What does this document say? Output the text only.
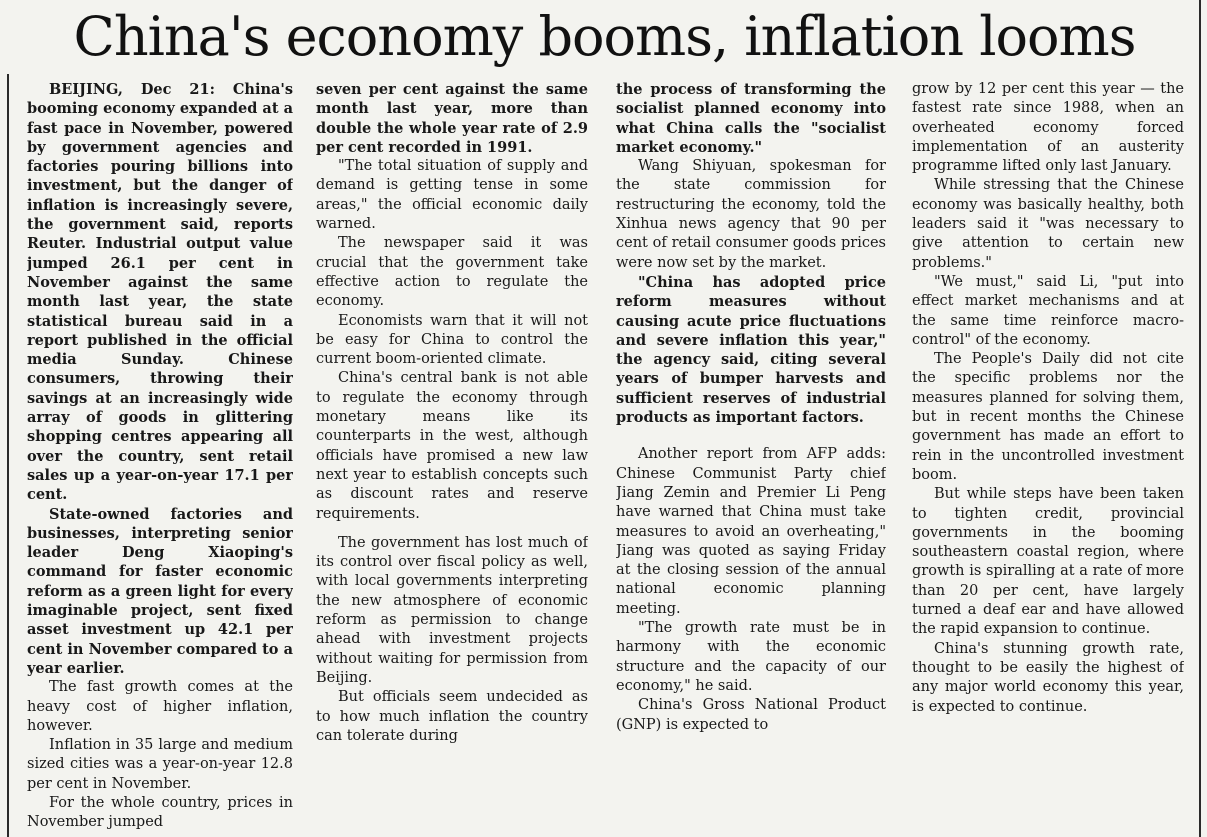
China's economy booms, inflation looms

BEIJING, Dec 21: China's booming economy expanded at a fast pace in November, powered by government agencies and factories pouring billions into investment, but the danger of inflation is increasingly severe, the government said, reports Reuter. Industrial output value jumped 26.1 per cent in November against the same month last year, the state statistical bureau said in a report published in the official media Sunday. Chinese consumers, throwing their savings at an increasingly wide array of goods in glittering shopping centres appearing all over the country, sent retail sales up a year-on-year 17.1 per cent.

State-owned factories and businesses, interpreting senior leader Deng Xiaoping's command for faster economic reform as a green light for every imaginable project, sent fixed asset investment up 42.1 per cent in November compared to a year earlier.

The fast growth comes at the heavy cost of higher inflation, however.

Inflation in 35 large and medium sized cities was a year-on-year 12.8 per cent in November.

For the whole country, prices in November jumped

seven per cent against the same month last year, more than double the whole year rate of 2.9 per cent recorded in 1991.

"The total situation of supply and demand is getting tense in some areas," the official economic daily warned.

The newspaper said it was crucial that the government take effective action to regulate the economy.

Economists warn that it will not be easy for China to control the current boom-oriented climate.

China's central bank is not able to regulate the economy through monetary means like its counterparts in the west, although officials have promised a new law next year to establish concepts such as discount rates and reserve requirements.

The government has lost much of its control over fiscal policy as well, with local governments interpreting the new atmosphere of economic reform as permission to change ahead with investment projects without waiting for permission from Beijing.

But officials seem undecided as to how much inflation the country can tolerate during

the process of transforming the socialist planned economy into what China calls the "socialist market economy."

Wang Shiyuan, spokesman for the state commission for restructuring the economy, told the Xinhua news agency that 90 per cent of retail consumer goods prices were now set by the market.

"China has adopted price reform measures without causing acute price fluctuations and severe inflation this year," the agency said, citing several years of bumper harvests and sufficient reserves of industrial products as important factors.

Another report from AFP adds: Chinese Communist Party chief Jiang Zemin and Premier Li Peng have warned that China must take measures to avoid an overheating," Jiang was quoted as saying Friday at the closing session of the annual national economic planning meeting.

"The growth rate must be in harmony with the economic structure and the capacity of our economy," he said.

China's Gross National Product (GNP) is expected to

grow by 12 per cent this year — the fastest rate since 1988, when an overheated economy forced implementation of an austerity programme lifted only last January.

While stressing that the Chinese economy was basically healthy, both leaders said it "was necessary to give attention to certain new problems."

"We must," said Li, "put into effect market mechanisms and at the same time reinforce macro-control" of the economy.

The People's Daily did not cite the specific problems nor the measures planned for solving them, but in recent months the Chinese government has made an effort to rein in the uncontrolled investment boom.

But while steps have been taken to tighten credit, provincial governments in the booming southeastern coastal region, where growth is spiralling at a rate of more than 20 per cent, have largely turned a deaf ear and have allowed the rapid expansion to continue.

China's stunning growth rate, thought to be easily the highest of any major world economy this year, is expected to continue.
